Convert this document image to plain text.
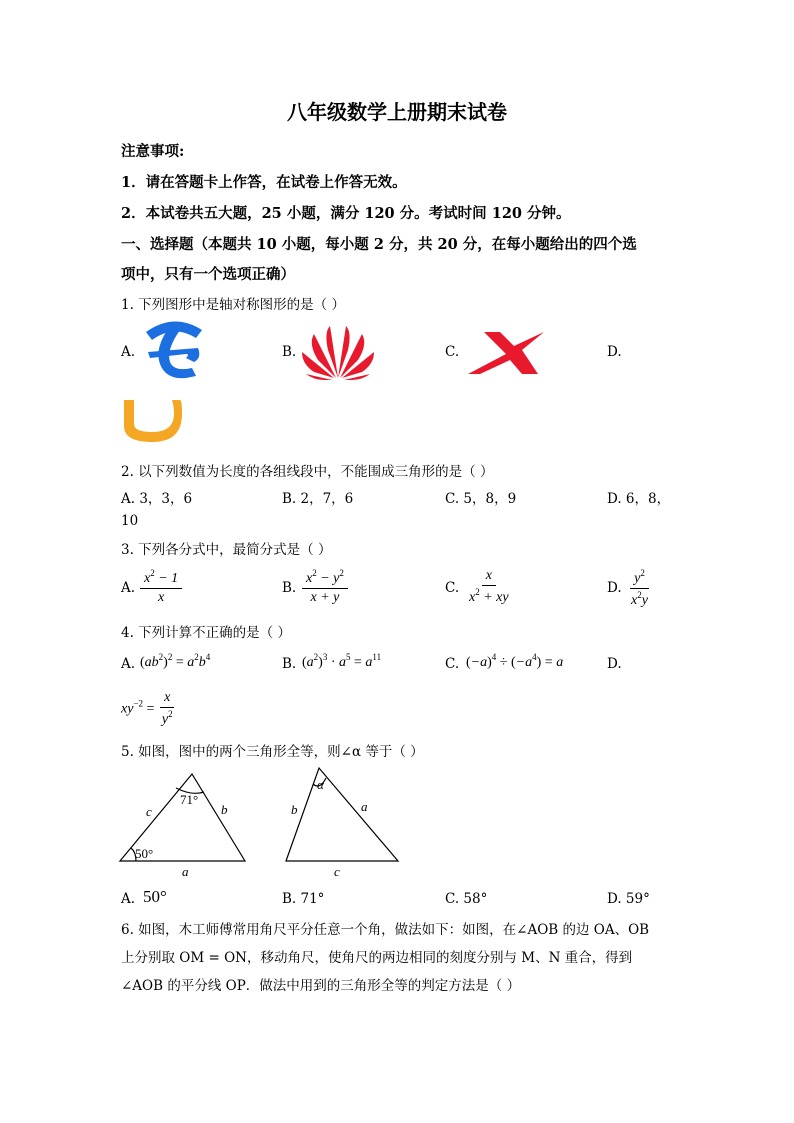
八年级数学上册期末试卷
注意事项:
1．请在答题卡上作答，在试卷上作答无效。
2．本试卷共五大题，25 小题，满分 120 分。考试时间 120 分钟。
一、选择题（本题共 10 小题，每小题 2 分，共 20 分，在每小题给出的四个选
项中，只有一个选项正确）
1. 下列图形中是轴对称图形的是（ ）
A.	B.	C.	D.
2. 以下列数值为长度的各组线段中，不能围成三角形的是（ ）
A. 3，3，6	B. 2，7，6	C. 5，8，9	D. 6，8，
10
3. 下列各分式中，最简分式是（ ）
A. $\frac{x^2 - 1}{x}$	B. $\frac{x^2 - y^2}{x + y}$	C. $\frac{x}{x^2 + xy}$	D. $\frac{y^2}{x^2y}$
4. 下列计算不正确的是（ ）
A. $(ab^2)^2 = a^2b^4$	B. $(a^2)^3 \cdot a^5 = a^{11}$	C. $(-a)^4 \div (-a^4) = a$	D.
$xy^{-2} = \frac{x}{y^2}$
5. 如图，图中的两个三角形全等，则∠α 等于（ ）
71°
50°
c	b
a
α
b	a
c
A. 50°	B. 71°	C. 58°	D. 59°
6. 如图，木工师傅常用角尺平分任意一个角，做法如下：如图，在∠AOB 的边 OA、OB
上分别取 OM = ON，移动角尺，使角尺的两边相同的刻度分别与 M、N 重合，得到
∠AOB 的平分线 OP．做法中用到的三角形全等的判定方法是（ ）
